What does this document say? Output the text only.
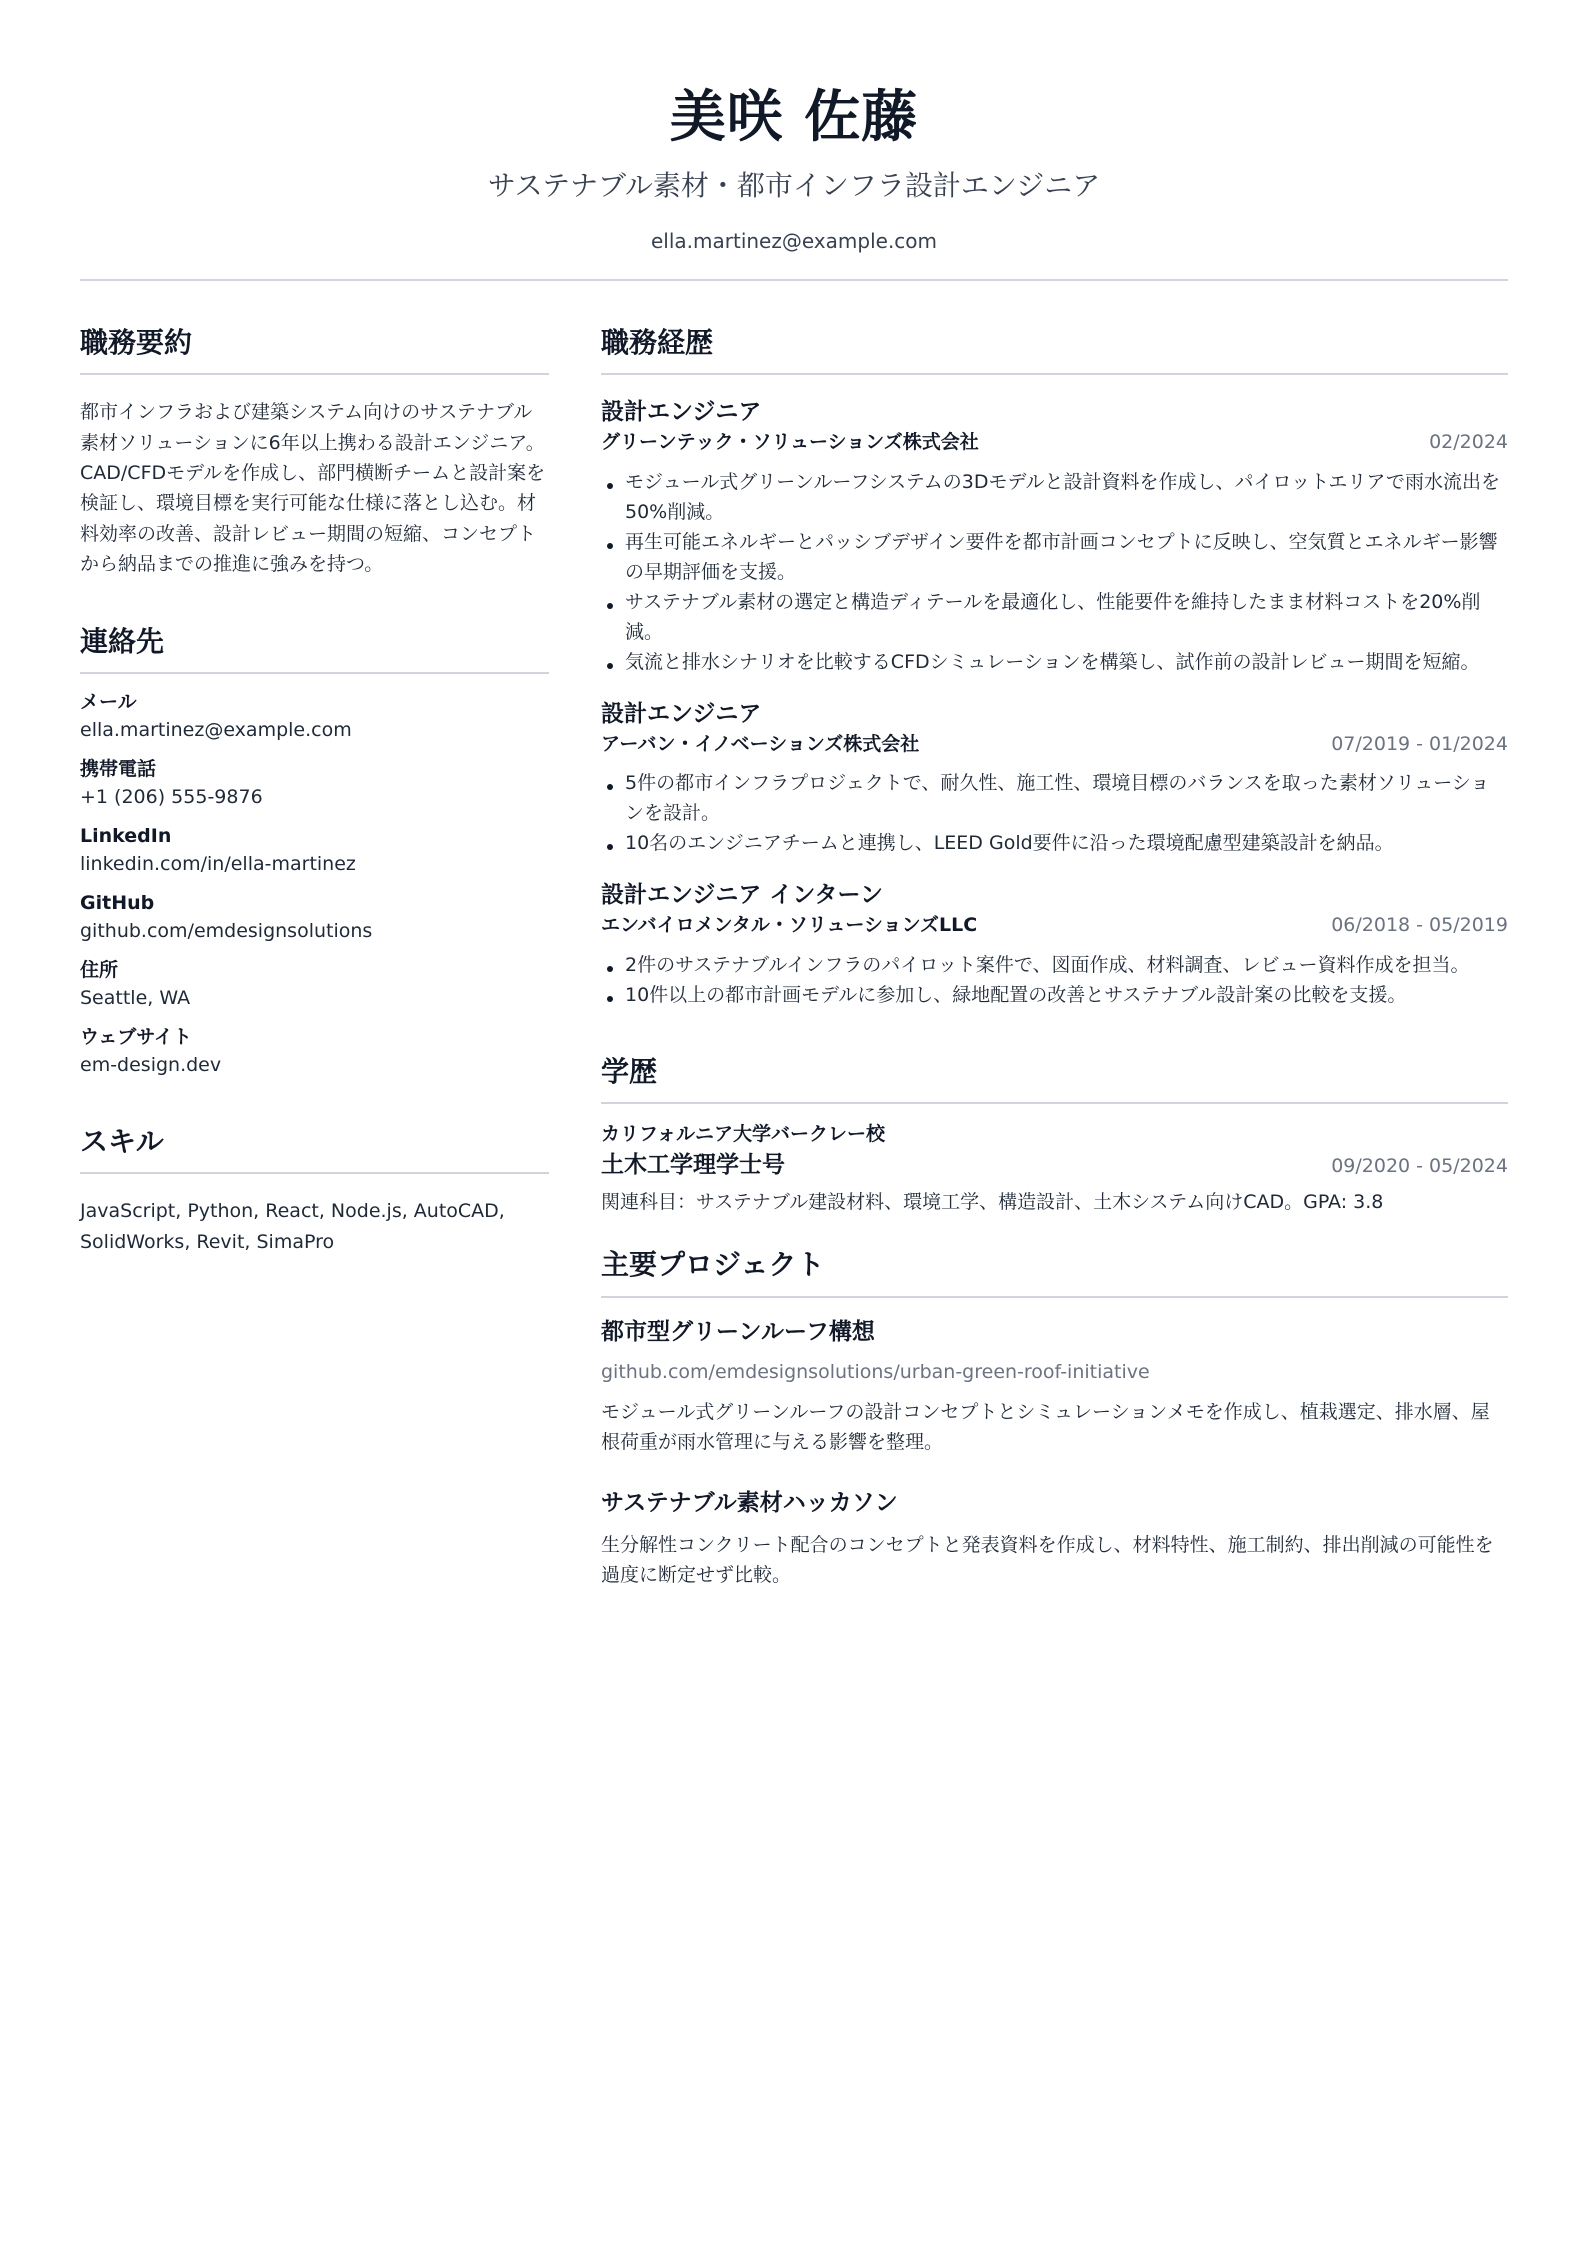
美咲 佐藤
サステナブル素材・都市インフラ設計エンジニア
ella.martinez@example.com
職務要約
都市インフラおよび建築システム向けのサステナブル素材ソリューションに6年以上携わる設計エンジニア。CAD/CFDモデルを作成し、部門横断チームと設計案を検証し、環境目標を実行可能な仕様に落とし込む。材料効率の改善、設計レビュー期間の短縮、コンセプトから納品までの推進に強みを持つ。
連絡先
メール
ella.martinez@example.com
携帯電話
+1 (206) 555-9876
LinkedIn
linkedin.com/in/ella-martinez
GitHub
github.com/emdesignsolutions
住所
Seattle, WA
ウェブサイト
em-design.dev
スキル
JavaScript, Python, React, Node.js, AutoCAD, SolidWorks, Revit, SimaPro
職務経歴
設計エンジニア
グリーンテック・ソリューションズ株式会社	02/2024
モジュール式グリーンルーフシステムの3Dモデルと設計資料を作成し、パイロットエリアで雨水流出を50%削減。
再生可能エネルギーとパッシブデザイン要件を都市計画コンセプトに反映し、空気質とエネルギー影響の早期評価を支援。
サステナブル素材の選定と構造ディテールを最適化し、性能要件を維持したまま材料コストを20%削減。
気流と排水シナリオを比較するCFDシミュレーションを構築し、試作前の設計レビュー期間を短縮。
設計エンジニア
アーバン・イノベーションズ株式会社	07/2019 - 01/2024
5件の都市インフラプロジェクトで、耐久性、施工性、環境目標のバランスを取った素材ソリューションを設計。
10名のエンジニアチームと連携し、LEED Gold要件に沿った環境配慮型建築設計を納品。
設計エンジニア インターン
エンバイロメンタル・ソリューションズLLC	06/2018 - 05/2019
2件のサステナブルインフラのパイロット案件で、図面作成、材料調査、レビュー資料作成を担当。
10件以上の都市計画モデルに参加し、緑地配置の改善とサステナブル設計案の比較を支援。
学歴
カリフォルニア大学バークレー校
土木工学理学士号	09/2020 - 05/2024
関連科目：サステナブル建設材料、環境工学、構造設計、土木システム向けCAD。GPA: 3.8
主要プロジェクト
都市型グリーンルーフ構想
github.com/emdesignsolutions/urban-green-roof-initiative
モジュール式グリーンルーフの設計コンセプトとシミュレーションメモを作成し、植栽選定、排水層、屋根荷重が雨水管理に与える影響を整理。
サステナブル素材ハッカソン
生分解性コンクリート配合のコンセプトと発表資料を作成し、材料特性、施工制約、排出削減の可能性を過度に断定せず比較。
